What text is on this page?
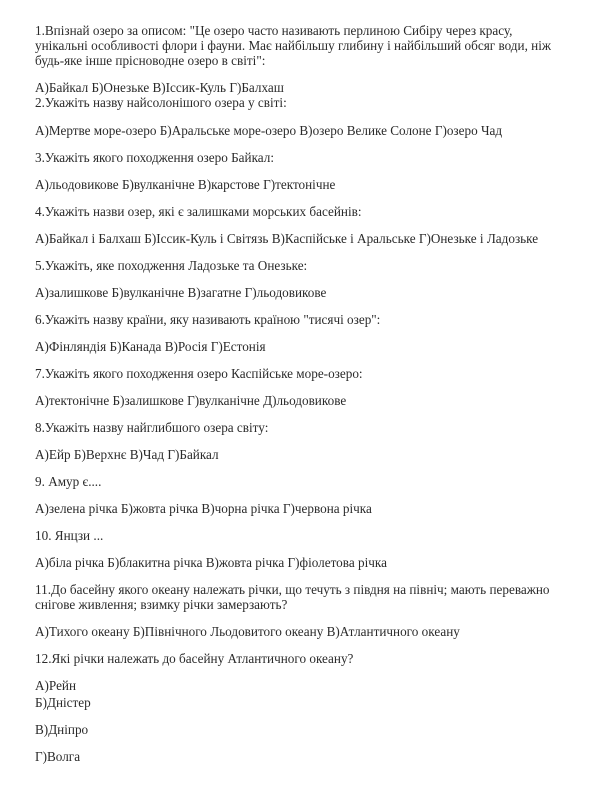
1.Впізнай озеро за описом: "Це озеро часто називають перлиною Сибіру через красу,
унікальні особливості флори і фауни. Має найбільшу глибину і найбільший обсяг води, ніж
будь-яке інше прісноводне озеро в світі":
А)Байкал Б)Онезьке В)Іссик-Куль Г)Балхаш
2.Укажіть назву найсолонішого озера у світі:
А)Мертве море-озеро Б)Аральське море-озеро В)озеро Велике Солоне Г)озеро Чад
3.Укажіть якого походження озеро Байкал:
А)льодовикове Б)вулканічне В)карстове Г)тектонічне
4.Укажіть назви озер, які є залишками морських басейнів:
А)Байкал і Балхаш Б)Іссик-Куль і Світязь В)Каспійське і Аральське Г)Онезьке і Ладозьке
5.Укажіть, яке походження Ладозьке та Онезьке:
А)залишкове Б)вулканічне В)загатне Г)льодовикове
6.Укажіть назву країни, яку називають країною "тисячі озер":
А)Фінляндія Б)Канада В)Росія Г)Естонія
7.Укажіть якого походження озеро Каспійське море-озеро:
А)тектонічне Б)залишкове Г)вулканічне Д)льодовикове
8.Укажіть назву найглибшого озера світу:
А)Ейр Б)Верхнє В)Чад Г)Байкал
9. Амур є....
А)зелена річка Б)жовта річка В)чорна річка Г)червона річка
10. Янцзи ...
А)біла річка Б)блакитна річка В)жовта річка Г)фіолетова річка
11.До басейну якого океану належать річки, що течуть з півдня на північ; мають переважно
снігове живлення; взимку річки замерзають?
А)Тихого океану Б)Північного Льодовитого океану В)Атлантичного океану
12.Які річки належать до басейну Атлантичного океану?
А)Рейн
Б)Дністер
В)Дніпро
Г)Волга
